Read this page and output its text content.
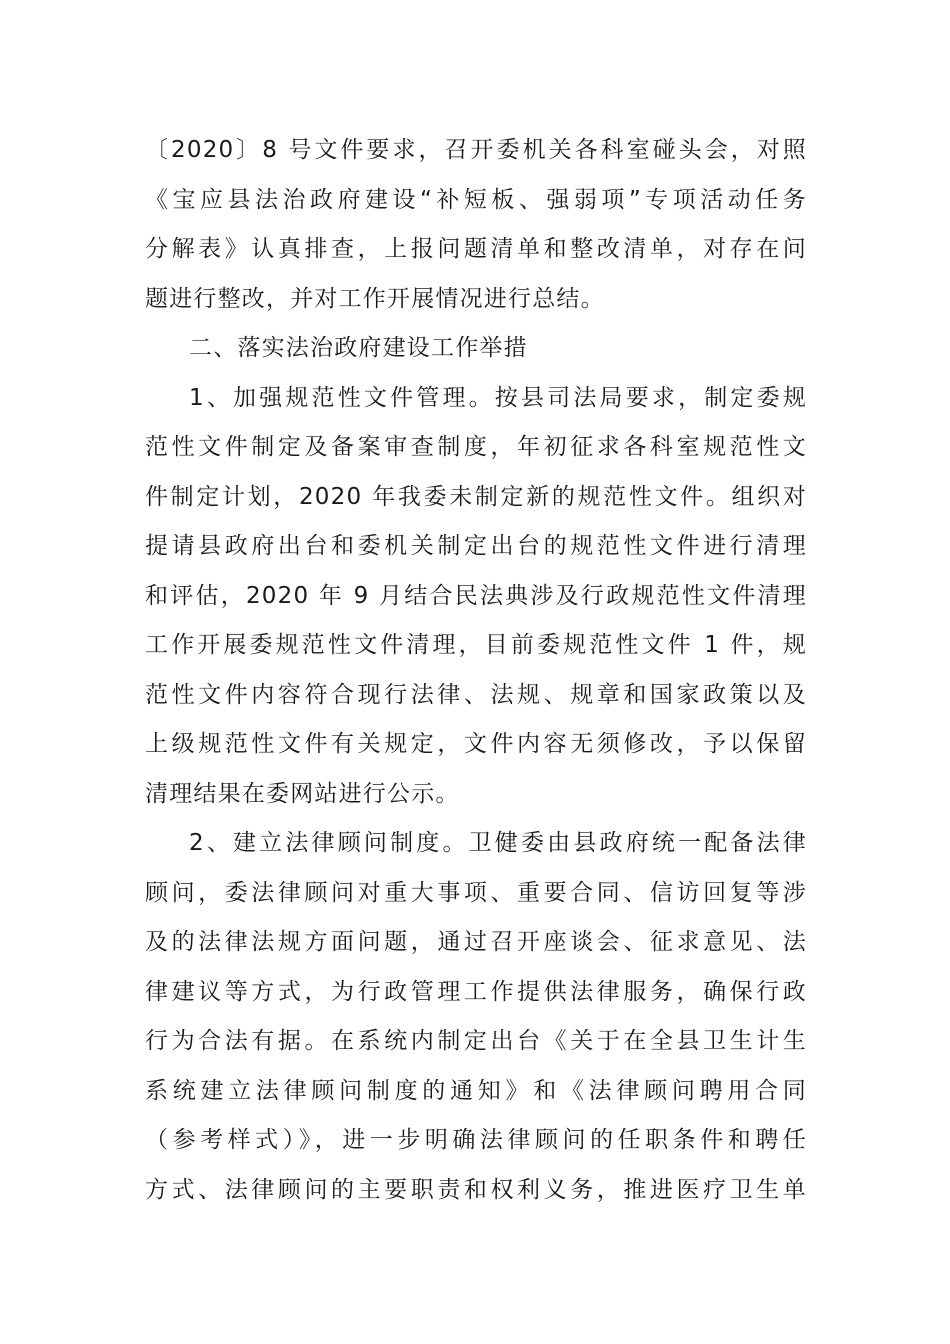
〔2020〕8 号文件要求，召开委机关各科室碰头会，对照
《宝应县法治政府建设“补短板、强弱项”专项活动任务
分解表》认真排查，上报问题清单和整改清单，对存在问
题进行整改，并对工作开展情况进行总结。

二、落实法治政府建设工作举措

1、加强规范性文件管理。按县司法局要求，制定委规
范性文件制定及备案审查制度，年初征求各科室规范性文
件制定计划，2020 年我委未制定新的规范性文件。组织对
提请县政府出台和委机关制定出台的规范性文件进行清理
和评估，2020 年 9 月结合民法典涉及行政规范性文件清理
工作开展委规范性文件清理，目前委规范性文件 1 件，规
范性文件内容符合现行法律、法规、规章和国家政策以及
上级规范性文件有关规定，文件内容无须修改，予以保留
清理结果在委网站进行公示。

2、建立法律顾问制度。卫健委由县政府统一配备法律
顾问，委法律顾问对重大事项、重要合同、信访回复等涉
及的法律法规方面问题，通过召开座谈会、征求意见、法
律建议等方式，为行政管理工作提供法律服务，确保行政
行为合法有据。在系统内制定出台《关于在全县卫生计生
系统建立法律顾问制度的通知》和《法律顾问聘用合同
（参考样式）》，进一步明确法律顾问的任职条件和聘任
方式、法律顾问的主要职责和权利义务，推进医疗卫生单
